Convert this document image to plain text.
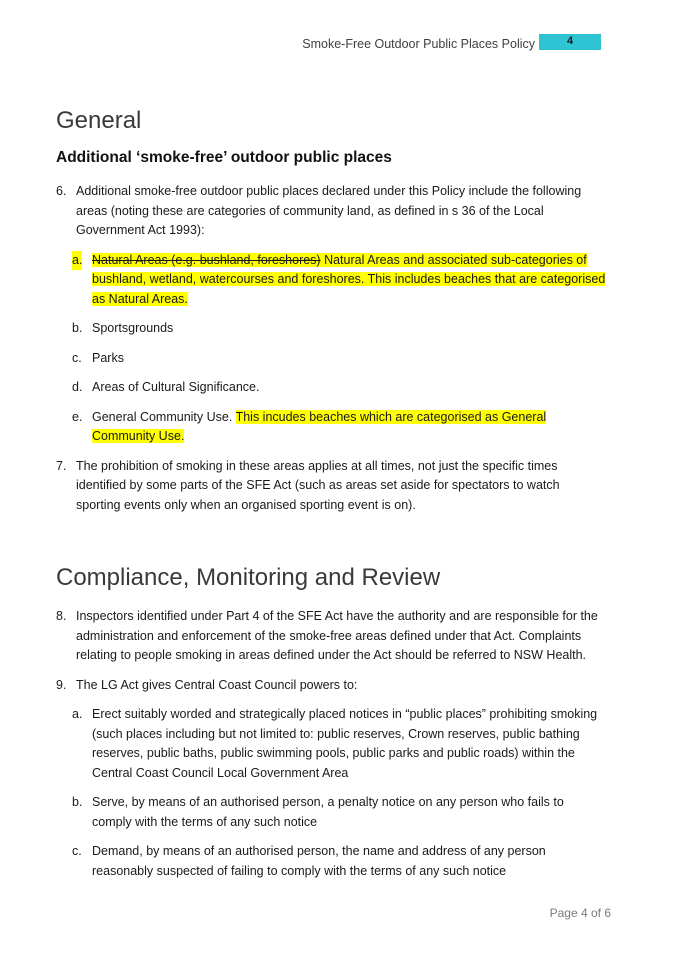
Smoke-Free Outdoor Public Places Policy	4
General
Additional ‘smoke-free’ outdoor public places
6. Additional smoke-free outdoor public places declared under this Policy include the following areas (noting these are categories of community land, as defined in s 36 of the Local Government Act 1993):
a. Natural Areas (e.g. bushland, foreshores) Natural Areas and associated sub-categories of bushland, wetland, watercourses and foreshores. This includes beaches that are categorised as Natural Areas.
b. Sportsgrounds
c. Parks
d. Areas of Cultural Significance.
e. General Community Use. This incudes beaches which are categorised as General Community Use.
7. The prohibition of smoking in these areas applies at all times, not just the specific times identified by some parts of the SFE Act (such as areas set aside for spectators to watch sporting events only when an organised sporting event is on).
Compliance, Monitoring and Review
8. Inspectors identified under Part 4 of the SFE Act have the authority and are responsible for the administration and enforcement of the smoke-free areas defined under that Act. Complaints relating to people smoking in areas defined under the Act should be referred to NSW Health.
9. The LG Act gives Central Coast Council powers to:
a. Erect suitably worded and strategically placed notices in “public places” prohibiting smoking (such places including but not limited to: public reserves, Crown reserves, public bathing reserves, public baths, public swimming pools, public parks and public roads) within the Central Coast Council Local Government Area
b. Serve, by means of an authorised person, a penalty notice on any person who fails to comply with the terms of any such notice
c. Demand, by means of an authorised person, the name and address of any person reasonably suspected of failing to comply with the terms of any such notice
Page 4 of 6
